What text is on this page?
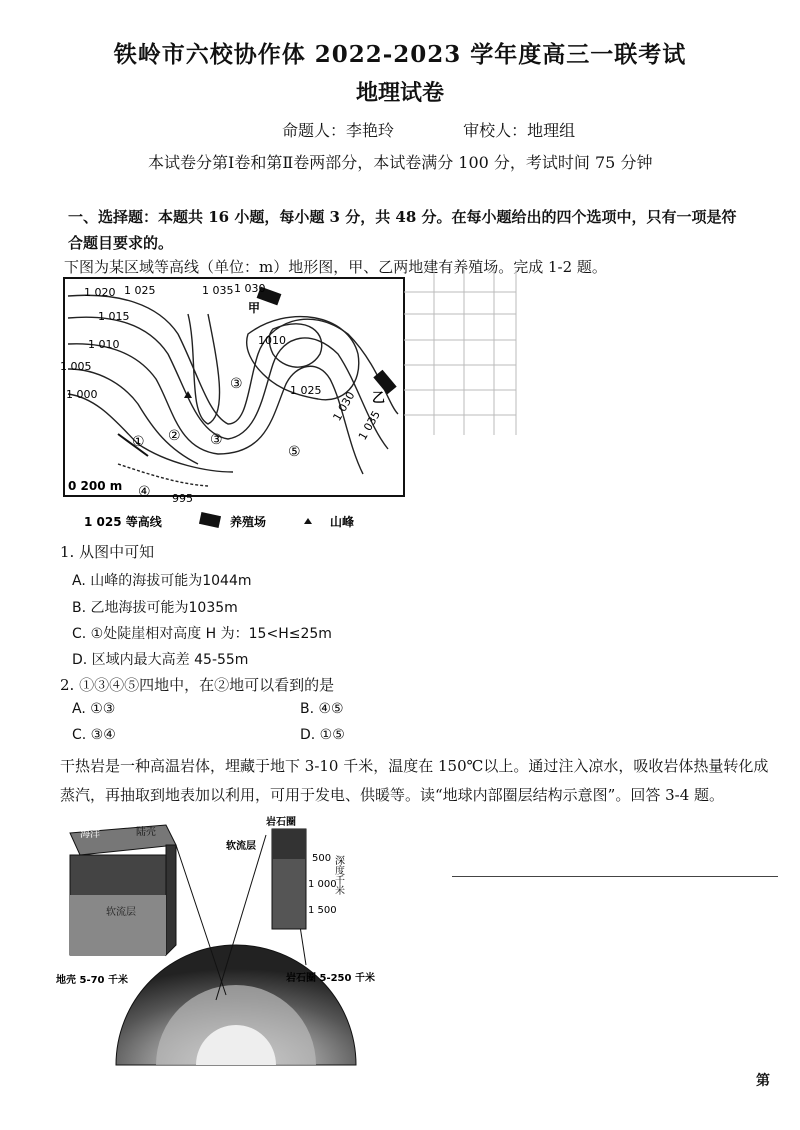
铁岭市六校协作体 2022-2023 学年度高三一联考试
地理试卷
命题人：李艳玲	审校人：地理组
本试卷分第Ⅰ卷和第Ⅱ卷两部分，本试卷满分 100 分，考试时间 75 分钟
一、选择题：本题共 16 小题，每小题 3 分，共 48 分。在每小题给出的四个选项中，只有一项是符合题目要求的。
下图为某区域等高线（单位：m）地形图，甲、乙两地建有养殖场。完成 1-2 题。
1 020 1 025	1 035 1 030
1 015
1 010
1 005
1 000
1010
1 025 1 030
1 035
995
① ② ③
④
⑤
③
甲
乙
0 200 m
1 025 等高线	养殖场	山峰
1. 从图中可知
A. 山峰的海拔可能为1044m
B. 乙地海拔可能为1035m
C. ①处陡崖相对高度 H 为：15<H≤25m
D. 区域内最大高差 45-55m
2. ①③④⑤四地中，在②地可以看到的是
A. ①③	B. ④⑤
C. ③④	D. ①⑤
干热岩是一种高温岩体，埋藏于地下 3-10 千米，温度在 150℃以上。通过注入凉水，吸收岩体热量转化成蒸汽，再抽取到地表加以利用，可用于发电、供暖等。读“地球内部圈层结构示意图”。回答 3-4 题。
海洋	陆壳
软流层
岩石圈
软流层
500
1 000
1 500
深度千米
地壳 5-70 千米	岩石圈 5-250 千米
第
